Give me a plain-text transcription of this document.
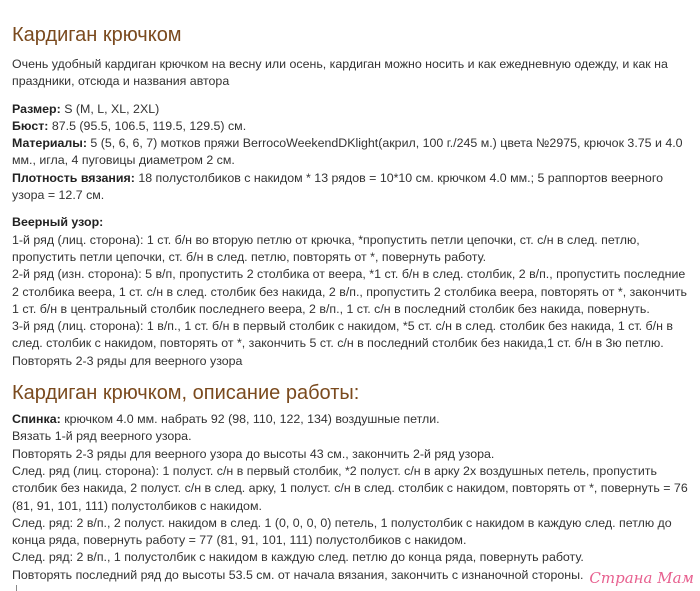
Кардиган крючком

Очень удобный кардиган крючком на весну или осень, кардиган можно носить и как ежедневную одежду, и как на праздники, отсюда и названия автора

Размер: S (M, L, XL, 2XL)

Бюст: 87.5 (95.5, 106.5, 119.5, 129.5) см.

Материалы: 5 (5, 6, 6, 7) мотков пряжи BerrocoWeekendDKlight(акрил, 100 г./245 м.) цвета №2975, крючок 3.75 и 4.0 мм., игла, 4 пуговицы диаметром 2 см.

Плотность вязания: 18 полустолбиков с накидом * 13 рядов = 10*10 см. крючком 4.0 мм.; 5 раппортов веерного узора = 12.7 см.

Веерный узор:

1-й ряд (лиц. сторона): 1 ст. б/н во вторую петлю от крючка, *пропустить петли цепочки, ст. с/н в след. петлю, пропустить петли цепочки, ст. б/н в след. петлю, повторять от *, повернуть работу.

2-й ряд (изн. сторона): 5 в/п, пропустить 2 столбика от веера, *1 ст. б/н в след. столбик, 2 в/п., пропустить последние 2 столбика веера, 1 ст. с/н в след. столбик без накида, 2 в/п., пропустить 2 столбика веера, повторять от *, закончить 1 ст. б/н в центральный столбик последнего веера, 2 в/п., 1 ст. с/н в последний столбик без накида, повернуть.

3-й ряд (лиц. сторона): 1 в/п., 1 ст. б/н в первый столбик с накидом, *5 ст. с/н в след. столбик без накида, 1 ст. б/н в след. столбик с накидом, повторять от *, закончить 5 ст. с/н в последний столбик без накида,1 ст. б/н в 3ю петлю.

Повторять 2-3 ряды для веерного узора

Кардиган крючком, описание работы:

Спинка: крючком 4.0 мм. набрать 92 (98, 110, 122, 134) воздушные петли.

Вязать 1-й ряд веерного узора.

Повторять 2-3 ряды для веерного узора до высоты 43 см., закончить 2-й ряд узора.

След. ряд (лиц. сторона): 1 полуст. с/н в первый столбик, *2 полуст. с/н в арку 2х воздушных петель, пропустить столбик без накида, 2 полуст. с/н в след. арку, 1 полуст. с/н в след. столбик с накидом, повторять от *, повернуть = 76 (81, 91, 101, 111) полустолбиков с накидом.

След. ряд: 2 в/п., 2 полуст. накидом в след. 1 (0, 0, 0, 0) петель, 1 полустолбик с накидом в каждую след. петлю до конца ряда, повернуть работу = 77 (81, 91, 101, 111) полустолбиков с накидом.

След. ряд: 2 в/п., 1 полустолбик с накидом в каждую след. петлю до конца ряда, повернуть работу.

Повторять последний ряд до высоты 53.5 см. от начала вязания, закончить с изнаночной стороны. Страна Мам
